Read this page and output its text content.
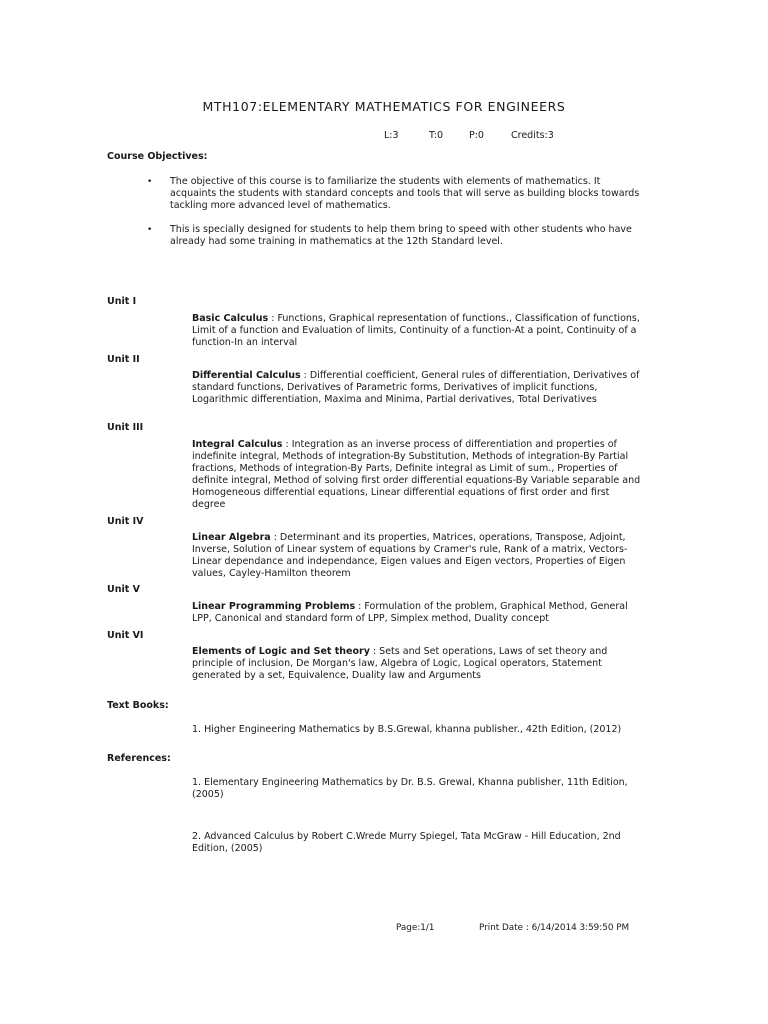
MTH107:ELEMENTARY MATHEMATICS FOR ENGINEERS
L:3	T:0	P:0	Credits:3
Course Objectives:
• The objective of this course is to familiarize the students with elements of mathematics. It acquaints the students with standard concepts and tools that will serve as building blocks towards tackling more advanced level of mathematics.
• This is specially designed for students to help them bring to speed with other students who have already had some training in mathematics at the 12th Standard level.
Unit I
Basic Calculus : Functions, Graphical representation of functions., Classification of functions, Limit of a function and Evaluation of limits, Continuity of a function-At a point, Continuity of a function-In an interval
Unit II
Differential Calculus : Differential coefficient, General rules of differentiation, Derivatives of standard functions, Derivatives of Parametric forms, Derivatives of implicit functions, Logarithmic differentiation, Maxima and Minima, Partial derivatives, Total Derivatives
Unit III
Integral Calculus : Integration as an inverse process of differentiation and properties of indefinite integral, Methods of integration-By Substitution, Methods of integration-By Partial fractions, Methods of integration-By Parts, Definite integral as Limit of sum., Properties of definite integral, Method of solving first order differential equations-By Variable separable and Homogeneous differential equations, Linear differential equations of first order and first degree
Unit IV
Linear Algebra : Determinant and its properties, Matrices, operations, Transpose, Adjoint, Inverse, Solution of Linear system of equations by Cramer's rule, Rank of a matrix, Vectors-Linear dependance and independance, Eigen values and Eigen vectors, Properties of Eigen values, Cayley-Hamilton theorem
Unit V
Linear Programming Problems : Formulation of the problem, Graphical Method, General LPP, Canonical and standard form of LPP, Simplex method, Duality concept
Unit VI
Elements of Logic and Set theory : Sets and Set operations, Laws of set theory and principle of inclusion, De Morgan's law, Algebra of Logic, Logical operators, Statement generated by a set, Equivalence, Duality law and Arguments
Text Books:
1. Higher Engineering Mathematics by B.S.Grewal, khanna publisher., 42th Edition, (2012)
References:
1. Elementary Engineering Mathematics by Dr. B.S. Grewal, Khanna publisher, 11th Edition, (2005)
2. Advanced Calculus by Robert C.Wrede Murry Spiegel, Tata McGraw - Hill Education, 2nd Edition, (2005)
Page:1/1	Print Date : 6/14/2014 3:59:50 PM
